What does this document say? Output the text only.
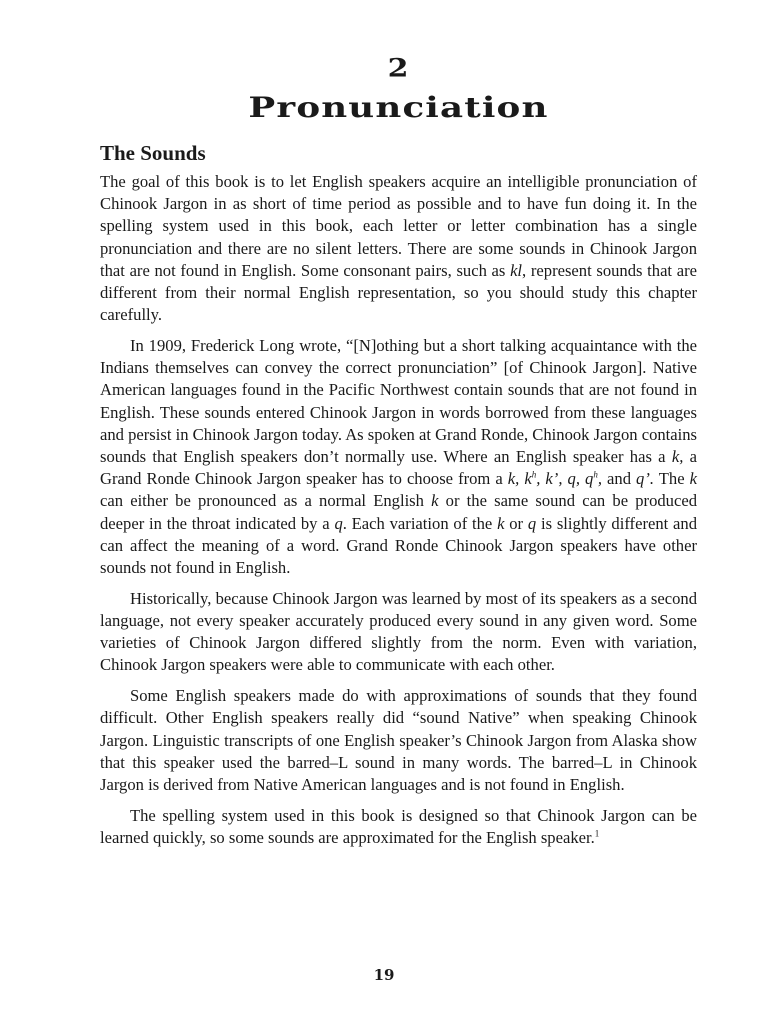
2
Pronunciation
The Sounds

The goal of this book is to let English speakers acquire an intelligible pronunciation of Chinook Jargon in as short of time period as possible and to have fun doing it. In the spelling system used in this book, each letter or letter combination has a single pronunciation and there are no silent letters. There are some sounds in Chinook Jargon that are not found in English. Some consonant pairs, such as kl, represent sounds that are different from their normal English representation, so you should study this chapter carefully.

In 1909, Frederick Long wrote, “[N]othing but a short talking acquaintance with the Indians themselves can convey the correct pronunciation” [of Chinook Jargon]. Native American languages found in the Pacific Northwest contain sounds that are not found in English. These sounds entered Chinook Jargon in words borrowed from these languages and persist in Chinook Jargon today. As spoken at Grand Ronde, Chinook Jargon contains sounds that English speakers don’t normally use. Where an English speaker has a k, a Grand Ronde Chinook Jargon speaker has to choose from a k, $k^h$, k’, q, $q^h$, and q’. The k can either be pronounced as a normal English k or the same sound can be produced deeper in the throat indicated by a q. Each variation of the k or q is slightly different and can affect the meaning of a word. Grand Ronde Chinook Jargon speakers have other sounds not found in English.

Historically, because Chinook Jargon was learned by most of its speakers as a second language, not every speaker accurately produced every sound in any given word. Some varieties of Chinook Jargon differed slightly from the norm. Even with variation, Chinook Jargon speakers were able to communicate with each other.

Some English speakers made do with approximations of sounds that they found difficult. Other English speakers really did “sound Native” when speaking Chinook Jargon. Linguistic transcripts of one English speaker’s Chinook Jargon from Alaska show that this speaker used the barred–L sound in many words. The barred–L in Chinook Jargon is derived from Native American languages and is not found in English.

The spelling system used in this book is designed so that Chinook Jargon can be learned quickly, so some sounds are approximated for the English speaker.$^1$

19
